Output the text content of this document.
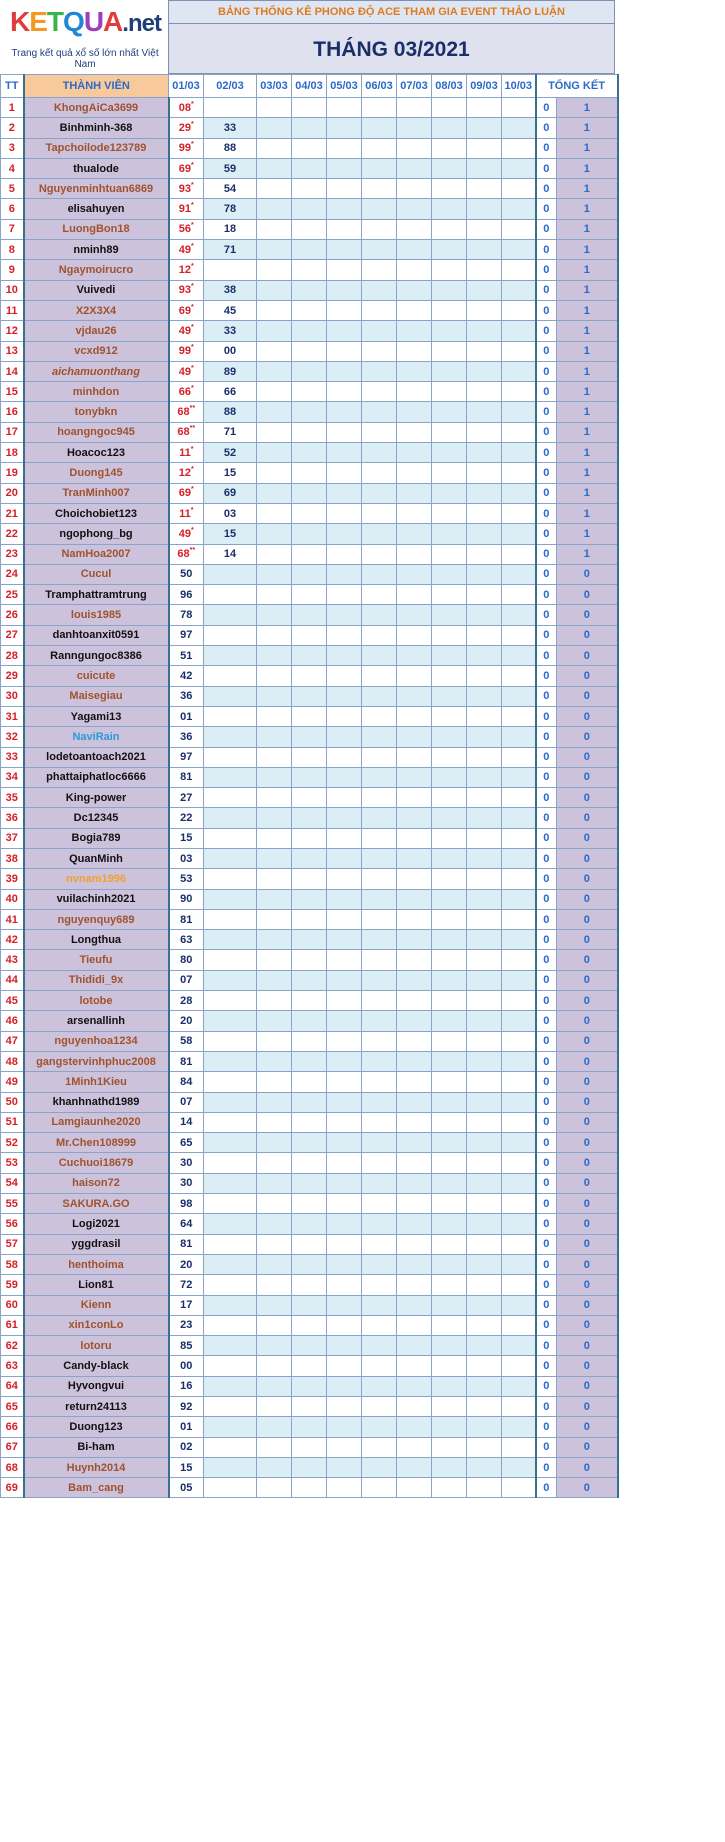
KETQUA.net
Trang kết quả xổ số lớn nhất Việt Nam
BẢNG THỐNG KÊ PHONG ĐỘ ACE THAM GIA EVENT THẢO LUẬN
THÁNG 03/2021
TT	THÀNH VIÊN	01/03	02/03	03/03	04/03	05/03	06/03	07/03	08/03	09/03	10/03	TỔNG KẾT	
1	KhongAiCa3699	08*										0	1
2	Binhminh-368	29*	33									0	1
3	Tapchoilode123789	99*	88									0	1
4	thualode	69*	59									0	1
5	Nguyenminhtuan6869	93*	54									0	1
6	elisahuyen	91*	78									0	1
7	LuongBon18	56*	18									0	1
8	nminh89	49*	71									0	1
9	Ngaymoirucro	12*										0	1
10	Vuivedi	93*	38									0	1
11	X2X3X4	69*	45									0	1
12	vjdau26	49*	33									0	1
13	vcxd912	99*	00									0	1
14	aichamuonthang	49*	89									0	1
15	minhdon	66*	66									0	1
16	tonybkn	68**	88									0	1
17	hoangngoc945	68**	71									0	1
18	Hoacoc123	11*	52									0	1
19	Duong145	12*	15									0	1
20	TranMinh007	69*	69									0	1
21	Choichobiet123	11*	03									0	1
22	ngophong_bg	49*	15									0	1
23	NamHoa2007	68**	14									0	1
24	Cucul	50										0	0
25	Tramphattramtrung	96										0	0
26	louis1985	78										0	0
27	danhtoanxit0591	97										0	0
28	Ranngungoc8386	51										0	0
29	cuicute	42										0	0
30	Maisegiau	36										0	0
31	Yagami13	01										0	0
32	NaviRain	36										0	0
33	lodetoantoach2021	97										0	0
34	phattaiphatloc6666	81										0	0
35	King-power	27										0	0
36	Dc12345	22										0	0
37	Bogia789	15										0	0
38	QuanMinh	03										0	0
39	nvnam1996	53										0	0
40	vuilachinh2021	90										0	0
41	nguyenquy689	81										0	0
42	Longthua	63										0	0
43	Tieufu	80										0	0
44	Thididi_9x	07										0	0
45	lotobe	28										0	0
46	arsenallinh	20										0	0
47	nguyenhoa1234	58										0	0
48	gangstervinhphuc2008	81										0	0
49	1Minh1Kieu	84										0	0
50	khanhnathd1989	07										0	0
51	Lamgiaunhe2020	14										0	0
52	Mr.Chen108999	65										0	0
53	Cuchuoi18679	30										0	0
54	haison72	30										0	0
55	SAKURA.GO	98										0	0
56	Logi2021	64										0	0
57	yggdrasil	81										0	0
58	henthoima	20										0	0
59	Lion81	72										0	0
60	Kienn	17										0	0
61	xin1conLo	23										0	0
62	lotoru	85										0	0
63	Candy-black	00										0	0
64	Hyvongvui	16										0	0
65	return24113	92										0	0
66	Duong123	01										0	0
67	Bi-ham	02										0	0
68	Huynh2014	15										0	0
69	Bam_cang	05										0	0
